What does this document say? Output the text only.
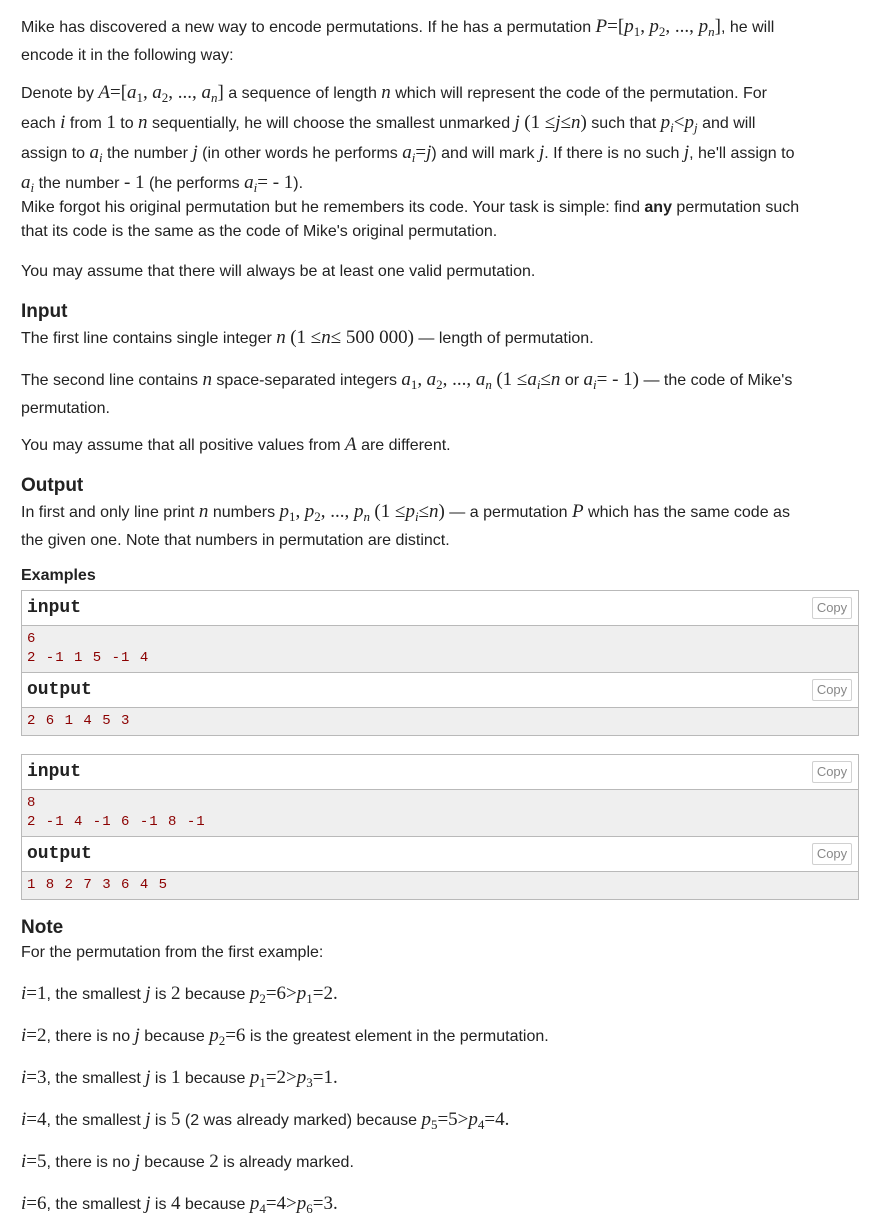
Mike has discovered a new way to encode permutations. If he has a permutation $P=[p_1$, $p_2$, ..., $p_n$], he will
encode it in the following way:

Denote by $A=[a_1$, $a_2$, ..., $a_n$] a sequence of length n which will represent the code of the permutation. For
each i from 1 to n sequentially, he will choose the smallest unmarked j (1 ≤j≤n) such that $p_i<p_j$ and will
assign to $a_i$ the number j (in other words he performs $a_i=j$) and will mark j. If there is no such j, he'll assign to
$a_i$ the number - 1 (he performs $a_i= - 1$).

Mike forgot his original permutation but he remembers its code. Your task is simple: find any permutation such
that its code is the same as the code of Mike's original permutation.

You may assume that there will always be at least one valid permutation.

Input

The first line contains single integer n (1 ≤n≤ 500 000) — length of permutation.

The second line contains n space-separated integers $a_1$, $a_2$, ..., $a_n$ ($1 \le a_i\le n$ or $a_i= - 1$) — the code of Mike's
permutation.

You may assume that all positive values from A are different.

Output

In first and only line print n numbers $p_1$, $p_2$, ..., $p_n$ $(1 \le p_i\le n)$ — a permutation P which has the same code as
the given one. Note that numbers in permutation are distinct.

Examples
input	Copy
6
2 -1 1 5 -1 4
output	Copy
2 6 1 4 5 3
input	Copy
8
2 -1 4 -1 6 -1 8 -1
output	Copy
1 8 2 7 3 6 4 5
Note

For the permutation from the first example:

i=1, the smallest j is 2 because $p_2=6>p_1=2$.

i=2, there is no j because $p_2=6$ is the greatest element in the permutation.

i=3, the smallest j is 1 because $p_1=2>p_3=1$.

i=4, the smallest j is 5 (2 was already marked) because $p_5=5>p_4=4$.

i=5, there is no j because 2 is already marked.

i=6, the smallest j is 4 because $p_4=4>p_6=3$.
